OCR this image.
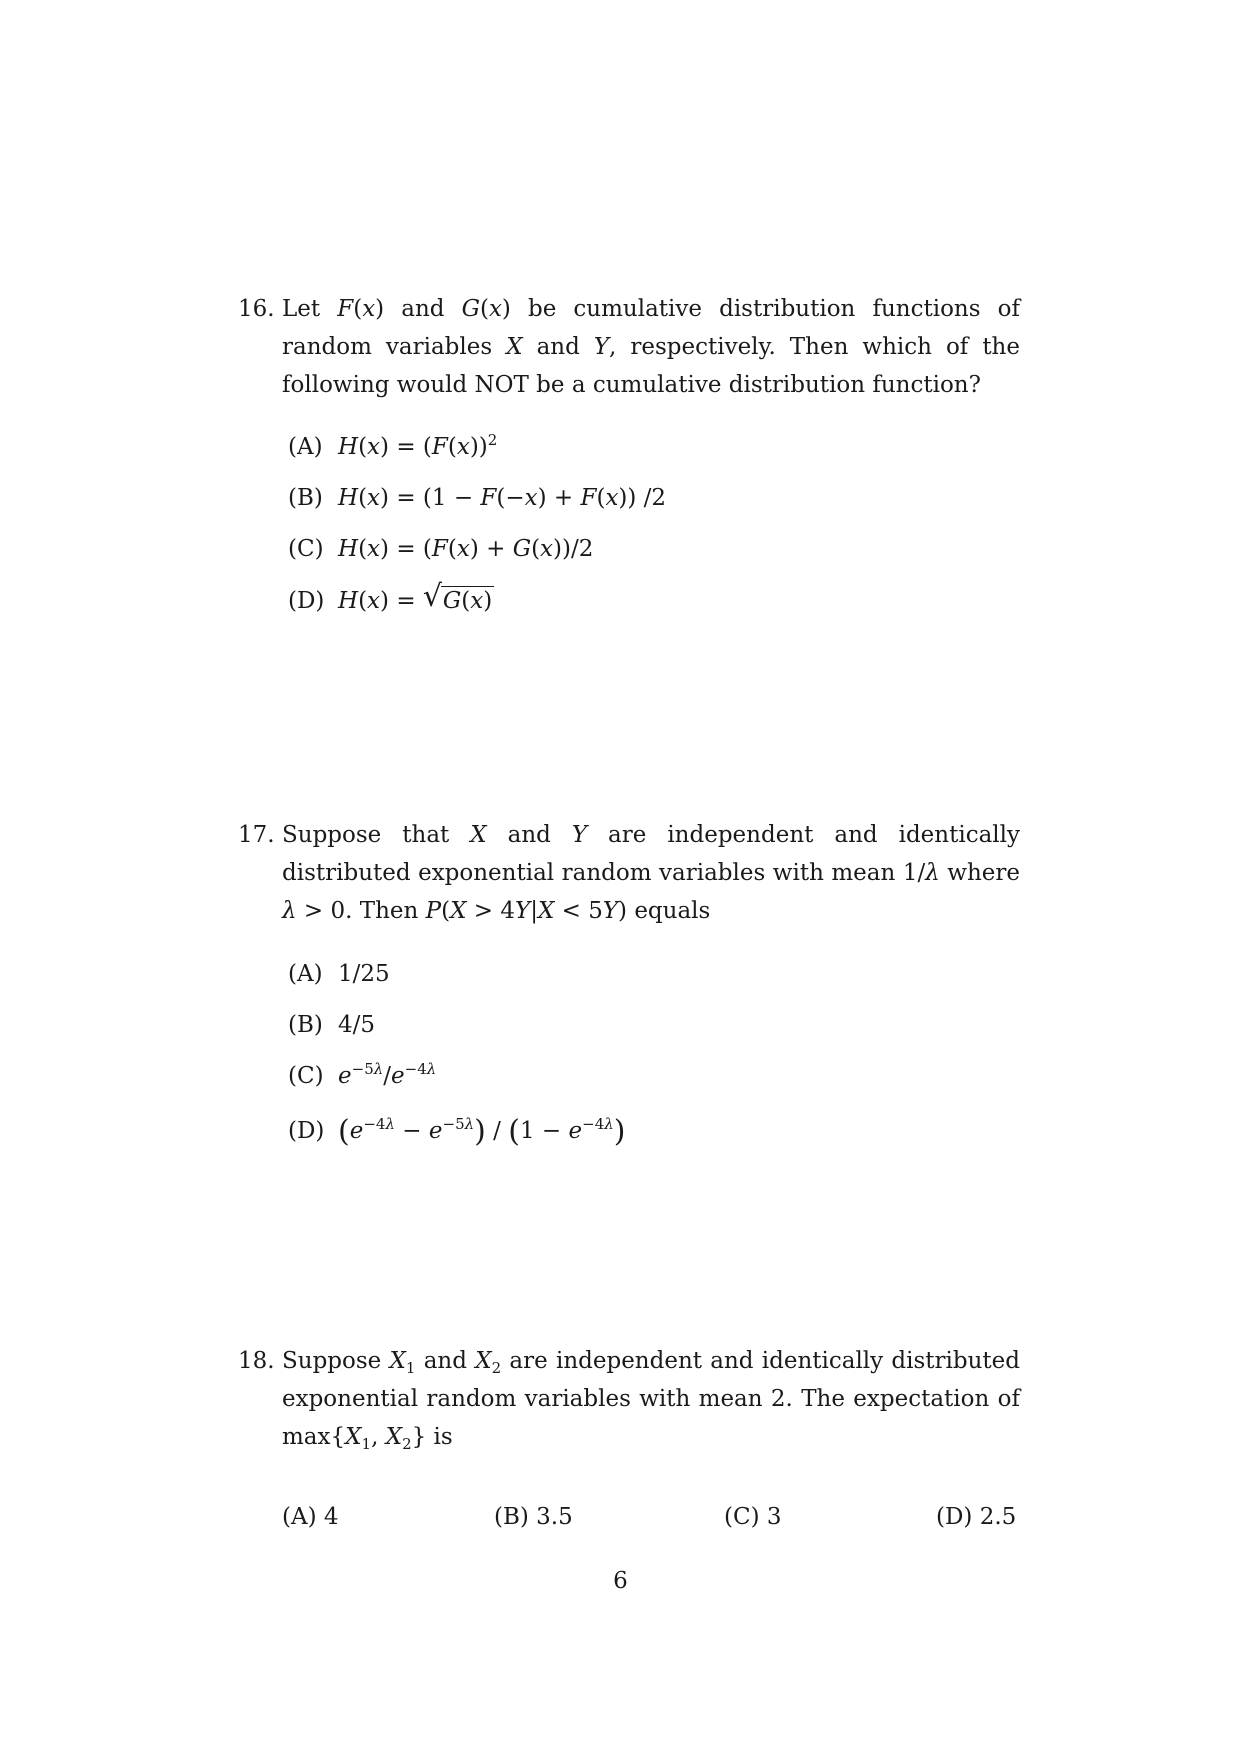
16. Let F(x) and G(x) be cumulative distribution functions of random variables X and Y, respectively. Then which of the following would NOT be a cumulative distribution function?
(A) $H(x) = (F(x))^2$
(B) H(x) = (1 − F(−x) + F(x)) /2
(C) H(x) = (F(x) + G(x))/2
(D) H(x) = √ G(x)
17. Suppose that X and Y are independent and identically distributed exponential random variables with mean 1/λ where λ > 0. Then P(X > 4Y|X < 5Y) equals
(A) 1/25
(B) 4/5
(C) $e^{-5\lambda}/e^{-4\lambda}$
(D) $(e^{-4\lambda} - e^{-5\lambda}) / (1 - e^{-4\lambda})$
18. Suppose $X_1$ and $X_2$ are independent and identically distributed exponential random variables with mean 2. The expectation of $\max\{X_1$, $X_2$} is
(A) 4	(B) 3.5	(C) 3	(D) 2.5
6
